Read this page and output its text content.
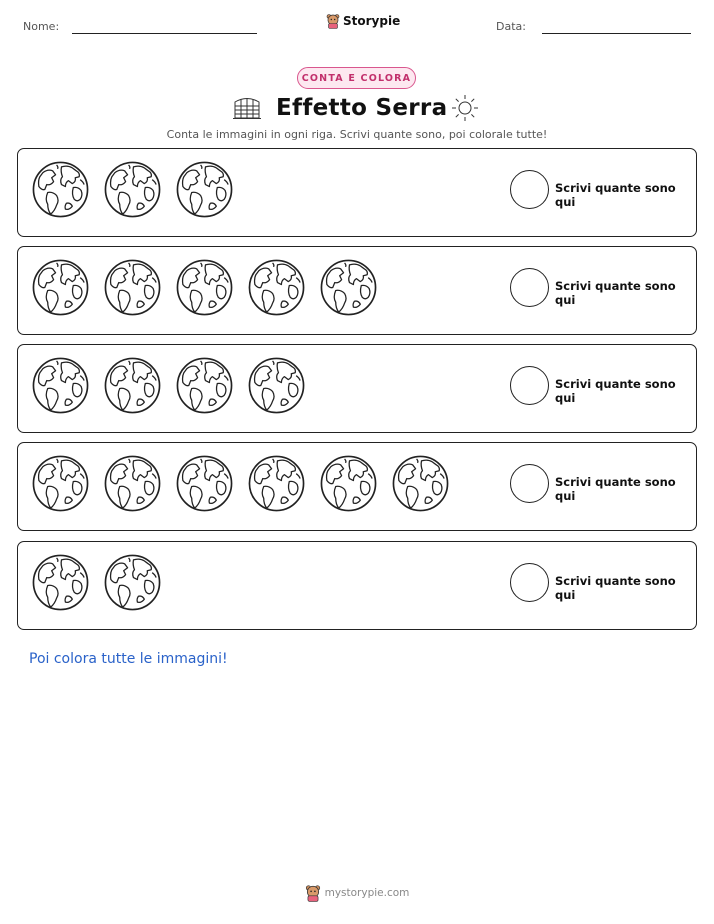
Nome:	Storypie	Data:
CONTA E COLORA
Effetto Serra

Conta le immagini in ogni riga. Scrivi quante sono, poi colorale tutte!

Scrivi quante sono qui
Scrivi quante sono qui
Scrivi quante sono qui
Scrivi quante sono qui
Scrivi quante sono qui

Poi colora tutte le immagini!

mystorypie.com
